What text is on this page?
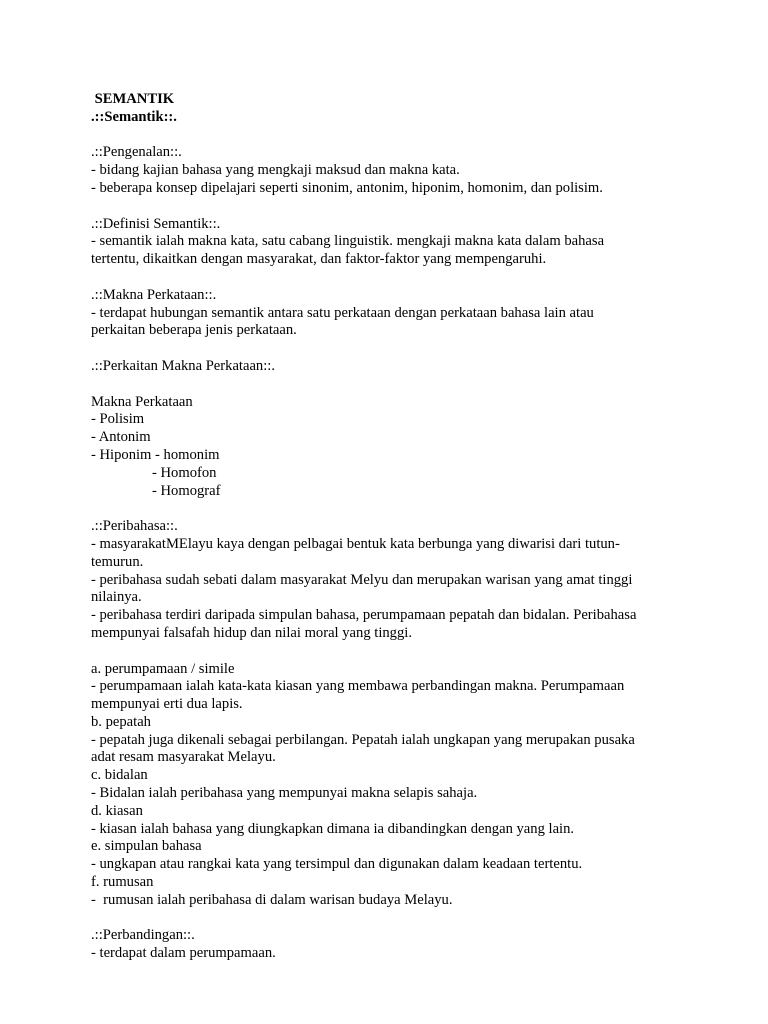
SEMANTIK
.::Semantik::.
.::Pengenalan::.
- bidang kajian bahasa yang mengkaji maksud dan makna kata.
- beberapa konsep dipelajari seperti sinonim, antonim, hiponim, homonim, dan polisim.
.::Definisi Semantik::.
- semantik ialah makna kata, satu cabang linguistik. mengkaji makna kata dalam bahasa
tertentu, dikaitkan dengan masyarakat, dan faktor-faktor yang mempengaruhi.
.::Makna Perkataan::.
- terdapat hubungan semantik antara satu perkataan dengan perkataan bahasa lain atau
perkaitan beberapa jenis perkataan.
.::Perkaitan Makna Perkataan::.
Makna Perkataan
- Polisim
- Antonim
- Hiponim - homonim
- Homofon
- Homograf
.::Peribahasa::.
- masyarakatMElayu kaya dengan pelbagai bentuk kata berbunga yang diwarisi dari tutun-
temurun.
- peribahasa sudah sebati dalam masyarakat Melyu dan merupakan warisan yang amat tinggi
nilainya.
- peribahasa terdiri daripada simpulan bahasa, perumpamaan pepatah dan bidalan. Peribahasa
mempunyai falsafah hidup dan nilai moral yang tinggi.
a. perumpamaan / simile
- perumpamaan ialah kata-kata kiasan yang membawa perbandingan makna. Perumpamaan
mempunyai erti dua lapis.
b. pepatah
- pepatah juga dikenali sebagai perbilangan. Pepatah ialah ungkapan yang merupakan pusaka
adat resam masyarakat Melayu.
c. bidalan
- Bidalan ialah peribahasa yang mempunyai makna selapis sahaja.
d. kiasan
- kiasan ialah bahasa yang diungkapkan dimana ia dibandingkan dengan yang lain.
e. simpulan bahasa
- ungkapan atau rangkai kata yang tersimpul dan digunakan dalam keadaan tertentu.
f. rumusan
-  rumusan ialah peribahasa di dalam warisan budaya Melayu.
.::Perbandingan::.
- terdapat dalam perumpamaan.
